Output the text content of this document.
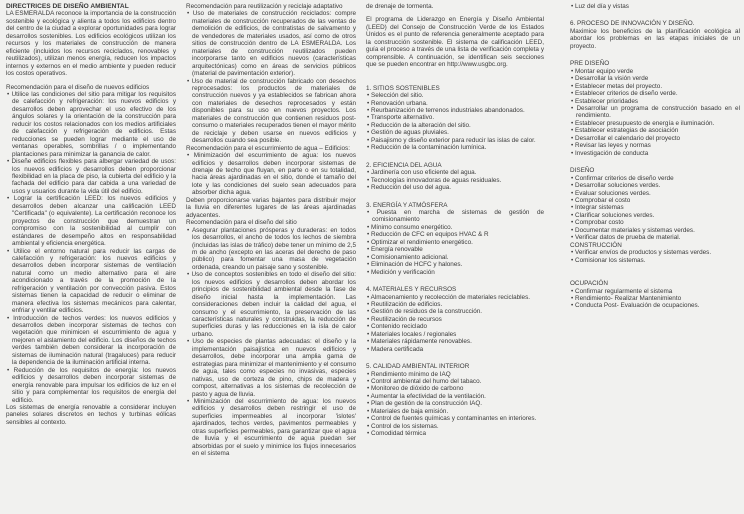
DIRECTRICES DE DISEÑO AMBIENTAL
LA ESMERALDA reconoce la importancia de la construcción sostenible y ecológica y alienta a todos los edificios dentro del centro de la ciudad a explorar oportunidades para lograr desarrollos sostenibles. Los edificios ecológicos utilizan los recursos y los materiales de construcción de manera eficiente (incluidos los recursos reciclados, renovables y reutilizados), utilizan menos energía, reducen los impactos internos y externos en el medio ambiente y pueden reducir los costos operativos.
Recomendación para el diseño de nuevos edificios
• Utilice las condiciones del sitio para mitigar los requisitos de calefacción y refrigeración: los nuevos edificios y desarrollos deben aprovechar el uso efectivo de los ángulos solares y la orientación de la construcción para reducir los costos relacionados con los medios artificiales de calefacción y refrigeración de edificios. Estas reducciones se pueden lograr mediante el uso de ventanas operables, sombrillas / o implementando plantaciones para minimizar la ganancia de calor.
• Diseñe edificios flexibles para albergar variedad de usos: los nuevos edificios y desarrollos deben proporcionar flexibilidad en la placa de piso, la cubierta del edificio y la fachada del edificio para dar cabida a una variedad de usos y usuarios durante la vida útil del edificio.
• Lograr la certificación LEED: los nuevos edificios y desarrollos deben alcanzar una calificación LEED "Certificada" (o equivalente). La certificación reconoce los proyectos de construcción que demuestran un compromiso con la sostenibilidad al cumplir con estándares de desempeño altos en responsabilidad ambiental y eficiencia energética.
• Utilice el entorno natural para reducir las cargas de calefacción y refrigeración: los nuevos edificios y desarrollos deben incorporar sistemas de ventilación natural como un medio alternativo para el aire acondicionado a través de la promoción de la refrigeración y ventilación por convección pasiva. Estos sistemas tienen la capacidad de reducir o eliminar de manera efectiva los sistemas mecánicos para calentar, enfriar y ventilar edificios.
• Introducción de techos verdes: los nuevos edificios y desarrollos deben incorporar sistemas de techos con vegetación que minimicen el escurrimiento de agua y mejoren el aislamiento del edificio. Los diseños de techos verdes también deben considerar la incorporación de sistemas de iluminación natural (tragaluces) para reducir la dependencia de la iluminación artificial interna.
• Reducción de los requisitos de energía: los nuevos edificios y desarrollos deben incorporar sistemas de energía renovable para impulsar los edificios de luz en el sitio y para complementar los requisitos de energía del edificio.
Los sistemas de energía renovable a considerar incluyen paneles solares discretos en techos y turbinas eólicas sensibles al contexto.
Recomendación para reutilización y reciclaje adaptativo
• Uso de materiales de construcción reciclados: compre materiales de construcción recuperados de las ventas de demolición de edificios, de contratistas de salvamento y de vendedores de materiales usados, así como de otros sitios de construcción dentro de LA ESMERALDA. Los materiales de construcción reutilizados pueden incorporarse tanto en edificios nuevos (características arquitectónicas) como en áreas de servicios públicos (material de pavimentación exterior).
• Uso de material de construcción fabricado con desechos reprocesados: los productos de materiales de construcción nuevos y ya establecidos se fabrican ahora con materiales de desechos reprocesados y están disponibles para su uso en nuevos proyectos. Los materiales de construcción que contienen residuos post-consumo o materiales recuperados tienen el mayor mérito de reciclaje y deben usarse en nuevos edificios y desarrollos cuando sea posible.
Recomendación para el escurrimiento de agua – Edificios:
• Minimización del escurrimiento de agua: los nuevos edificios y desarrollos deben incorporar sistemas de drenaje de techo que fluyan, en parte o en su totalidad, hacia áreas ajardinadas en el sitio, donde el tamaño del lote y las condiciones del suelo sean adecuados para absorber dicha agua.
Deben proporcionarse varias bajantes para distribuir mejor la lluvia en diferentes lugares de las áreas ajardinadas adyacentes.
Recomendación para el diseño del sitio
• Asegurar plantaciones prósperas y duraderas: en todos los desarrollos, el ancho de todos los lechos de siembra (incluidas las islas de tráfico) debe tener un mínimo de 2,5 m de ancho (excepto en las aceras del derecho de paso público) para fomentar una masa de vegetación ordenada, creando un paisaje sano y sostenible.
• Uso de conceptos sostenibles en todo el diseño del sitio: los nuevos edificios y desarrollos deben abordar los principios de sostenibilidad ambiental desde la fase de diseño inicial hasta la implementación. Las consideraciones deben incluir la calidad del agua, el consumo y el escurrimiento, la preservación de las características naturales y construidas, la reducción de superficies duras y las reducciones en la isla de calor urbano.
• Uso de especies de plantas adecuadas: el diseño y la implementación paisajística en nuevos edificios y desarrollos, debe incorporar una amplia gama de estrategias para minimizar el mantenimiento y el consumo de agua, tales como especies no invasivas, especies nativas, uso de corteza de pino, chips de madera y compost, alternativas a los sistemas de recolección de pasto y agua de lluvia.
• Minimización del escurrimiento de agua: los nuevos edificios y desarrollos deben restringir el uso de superficies impermeables al incorporar 'islotes' ajardinados, techos verdes, pavimentos permeables y otras superficies permeables, para garantizar que el agua de lluvia y el escurrimiento de agua puedan ser absorbidas por el suelo y minimice los flujos innecesarios en el sistema
de drenaje de tormenta.
El programa de Liderazgo en Energía y Diseño Ambiental (LEED) del Consejo de Construcción Verde de los Estados Unidos es el punto de referencia generalmente aceptado para la construcción sostenible. El sistema de calificación LEED, guía el proceso a través de una lista de verificación completa y comprensible. A continuación, se identifican seis secciones que se pueden encontrar en http://www.usgbc.org.
1. SITIOS SOSTENIBLES
• Selección del sitio.
• Renovación urbana.
• Reurbanización de terrenos industriales abandonados.
• Transporte alternativo.
• Reducción de la alteración del sitio.
• Gestión de aguas pluviales.
• Paisajismo y diseño exterior para reducir las islas de calor.
• Reducción de la contaminación lumínica.
2. EFICIENCIA DEL AGUA
• Jardinería con uso eficiente del agua.
• Tecnologías innovadoras de aguas residuales.
• Reducción del uso del agua.
3. ENERGÍA Y ATMÓSFERA
• Puesta en marcha de sistemas de gestión de comisionamiento
• Mínimo consumo energético.
• Reducción de CFC en equipos HVAC & R
• Optimizar el rendimiento energético.
• Energía renovable
• Comisionamiento adicional.
• Eliminación de HCFC y halones.
• Medición y verificación
4. MATERIALES Y RECURSOS
• Almacenamiento y recolección de materiales reciclables.
• Reutilización de edificios.
• Gestión de residuos de la construcción.
• Reutilización de recursos
• Contenido reciclado
• Materiales locales / regionales
• Materiales rápidamente renovables.
• Madera certificada
5. CALIDAD AMBIENTAL INTERIOR
• Rendimiento mínimo de IAQ
• Control ambiental del humo del tabaco.
• Monitoreo de dióxido de carbono
• Aumentar la efectividad de la ventilación.
• Plan de gestión de la construcción IAQ.
• Materiales de baja emisión.
• Control de fuentes químicas y contaminantes en interiores.
• Control de los sistemas.
• Comodidad térmica
• Luz del día y vistas
6. PROCESO DE INNOVACIÓN Y DISEÑO.
Maximice los beneficios de la planificación ecológica al abordar los problemas en las etapas iniciales de un proyecto.
PRE DISEÑO
• Montar equipo verde
• Desarrollar la visión verde
• Establecer metas del proyecto.
• Establecer criterios de diseño verde.
• Establecer prioridades
• Desarrollar un programa de construcción basado en el rendimiento.
• Establecer presupuesto de energía e iluminación.
• Establecer estrategias de asociación
• Desarrollar el calendario del proyecto
• Revisar las leyes y normas
• Investigación de conducta
DISEÑO
• Confirmar criterios de diseño verde
• Desarrollar soluciones verdes.
• Evaluar soluciones verdes.
• Comprobar el costo
• Integrar sistemas
• Clarificar soluciones verdes.
• Comprobar costo
• Documentar materiales y sistemas verdes.
• Verificar datos de prueba de material.
CONSTRUCCIÓN
• Verificar envíos de productos y sistemas verdes.
• Comisionar los sistemas.
OCUPACIÓN
• Confirmar regularmente el sistema
• Rendimiento- Realizar Mantenimiento
• Conducta Post- Evaluación de ocupaciones.
